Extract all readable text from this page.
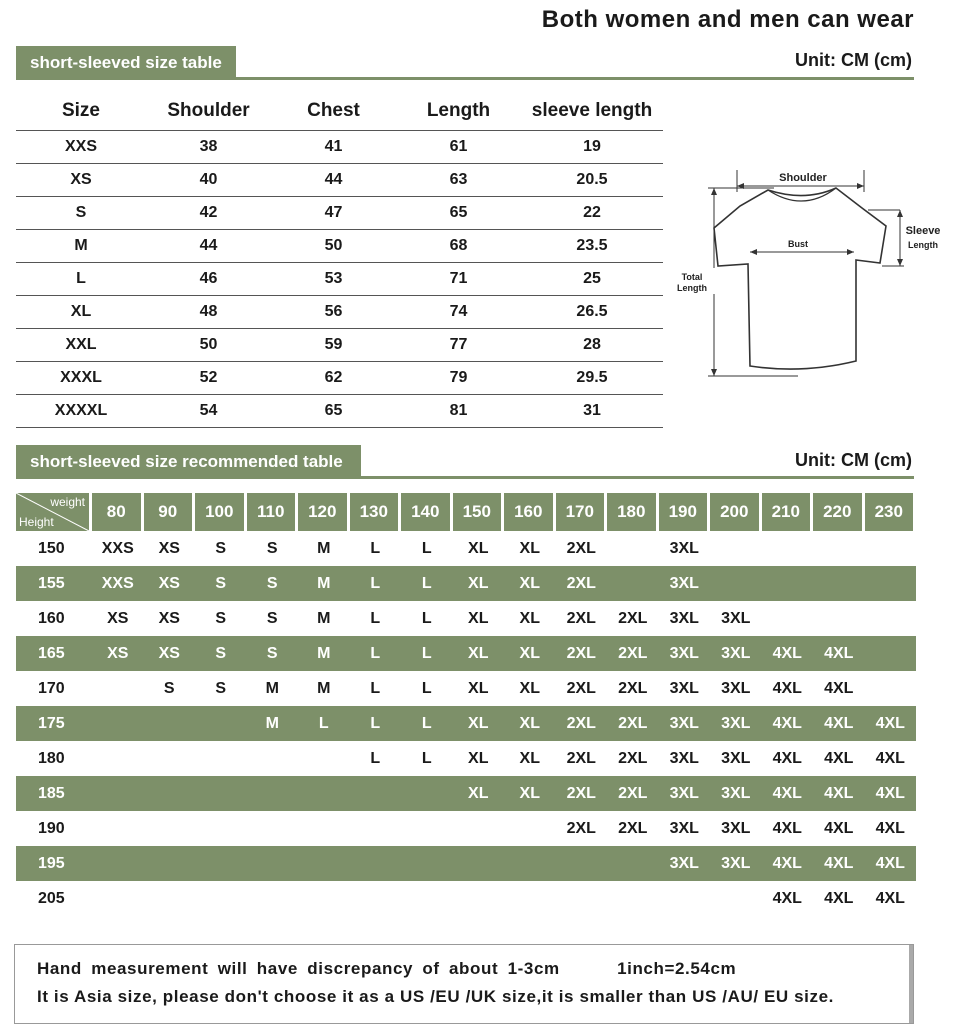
Both women and men can wear
short-sleeved size table	Unit: CM (cm)
Size	Shoulder	Chest	Length	sleeve length
XXS	38	41	61	19
XS	40	44	63	20.5
S	42	47	65	22
M	44	50	68	23.5
L	46	53	71	25
XL	48	56	74	26.5
XXL	50	59	77	28
XXXL	52	62	79	29.5
XXXXL	54	65	81	31
Shoulder
Bust
Sleeve
Length
Total
Length
short-sleeved size recommended table	Unit: CM (cm)
weight
Height	80	90	100	110	120	130	140	150	160	170	180	190	200	210	220	230
150	XXS	XS	S	S	M	L	L	XL	XL	2XL		3XL				
155	XXS	XS	S	S	M	L	L	XL	XL	2XL		3XL				
160	XS	XS	S	S	M	L	L	XL	XL	2XL	2XL	3XL	3XL			
165	XS	XS	S	S	M	L	L	XL	XL	2XL	2XL	3XL	3XL	4XL	4XL	
170		S	S	M	M	L	L	XL	XL	2XL	2XL	3XL	3XL	4XL	4XL	
175				M	L	L	L	XL	XL	2XL	2XL	3XL	3XL	4XL	4XL	4XL
180						L	L	XL	XL	2XL	2XL	3XL	3XL	4XL	4XL	4XL
185								XL	XL	2XL	2XL	3XL	3XL	4XL	4XL	4XL
190										2XL	2XL	3XL	3XL	4XL	4XL	4XL
195												3XL	3XL	4XL	4XL	4XL
205														4XL	4XL	4XL
Hand measurement will have discrepancy of about 1-3cm	1inch=2.54cm
It is Asia size, please don't choose it as a US /EU /UK size,it is smaller than US /AU/ EU size.
